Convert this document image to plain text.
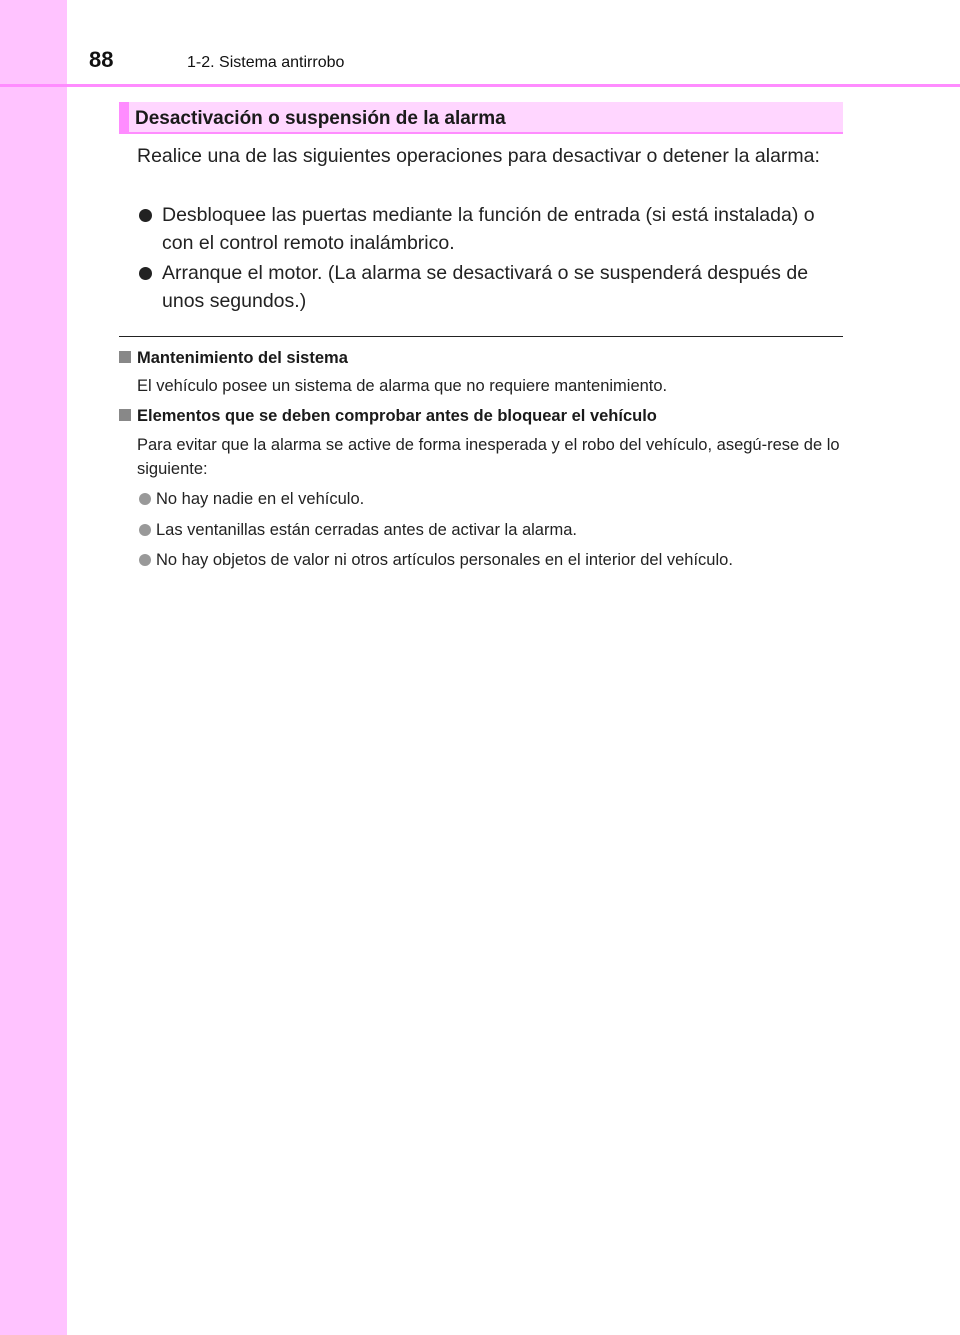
88	1-2. Sistema antirrobo
Desactivación o suspensión de la alarma
Realice una de las siguientes operaciones para desactivar o detener la alarma:
Desbloquee las puertas mediante la función de entrada (si está instalada) o con el control remoto inalámbrico.
Arranque el motor. (La alarma se desactivará o se suspenderá después de unos segundos.)
Mantenimiento del sistema
El vehículo posee un sistema de alarma que no requiere mantenimiento.
Elementos que se deben comprobar antes de bloquear el vehículo
Para evitar que la alarma se active de forma inesperada y el robo del vehículo, asegú-rese de lo siguiente:
No hay nadie en el vehículo.
Las ventanillas están cerradas antes de activar la alarma.
No hay objetos de valor ni otros artículos personales en el interior del vehículo.
